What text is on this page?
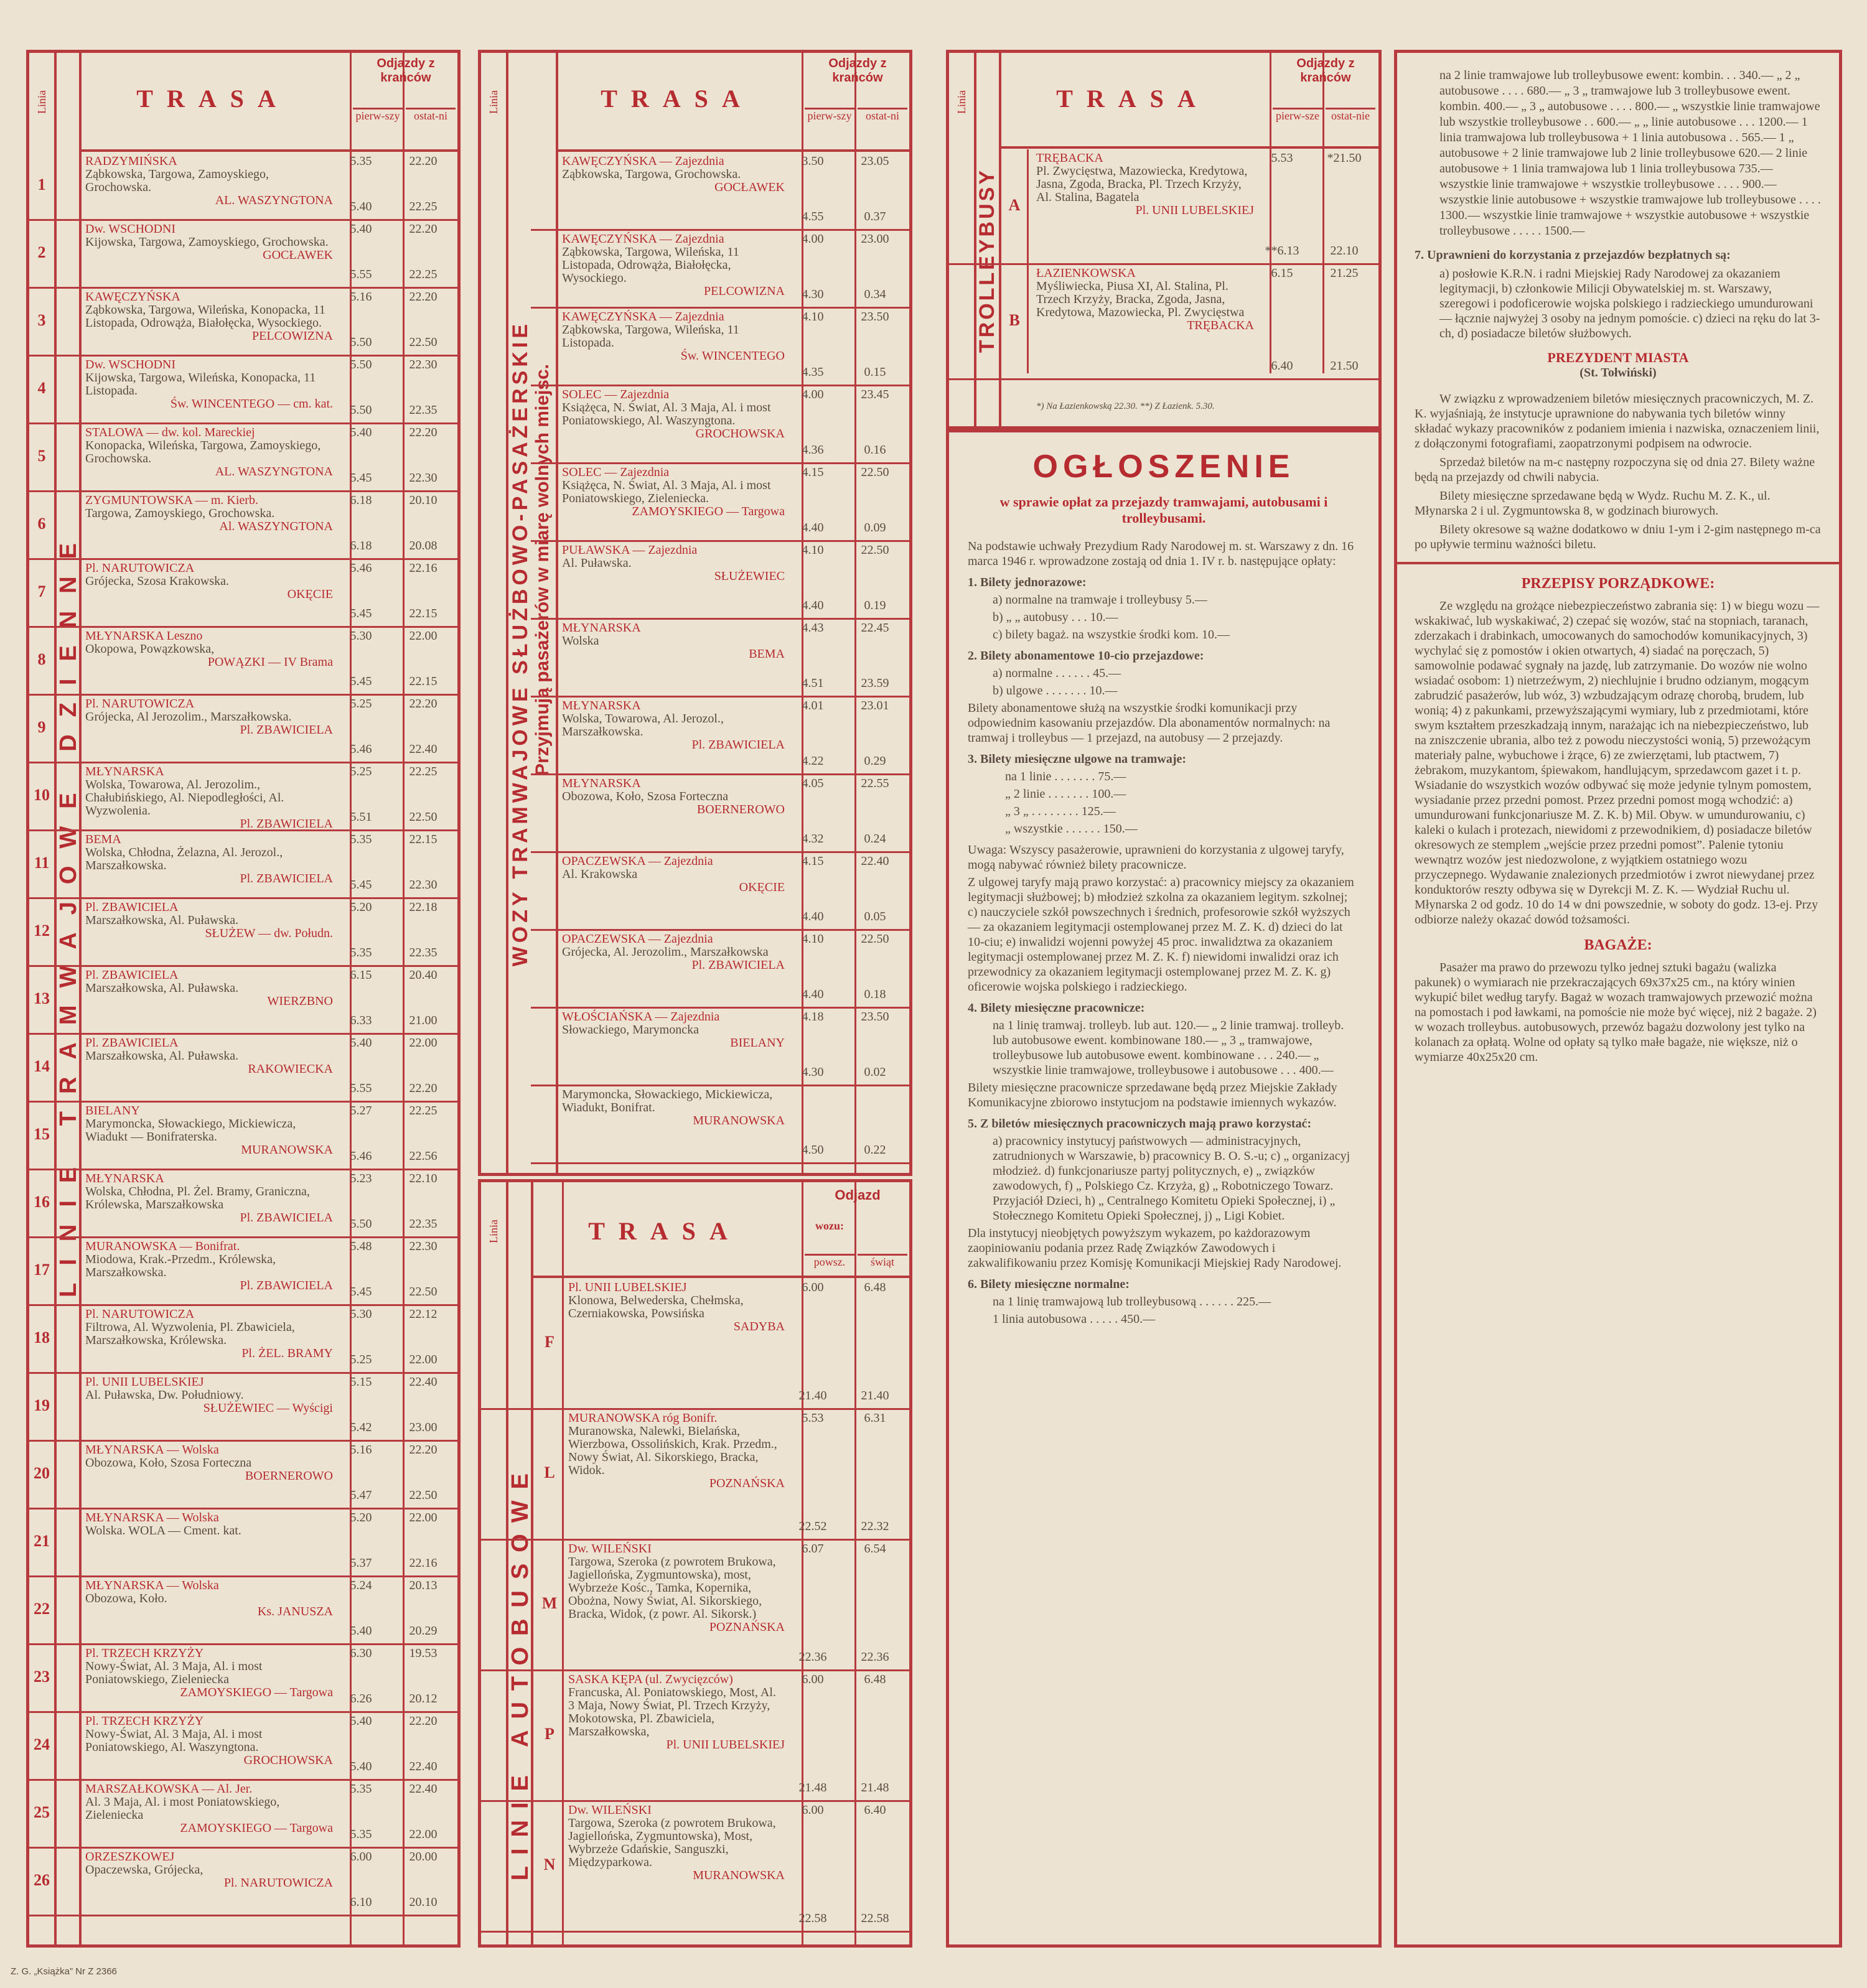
Linia
LINIE TRAMWAJOWE DZIENNE
TRASA
Odjazdy z krańców
pierw-szy	ostat-ni
1
RADZYMIŃSKA
Ząbkowska, Targowa, Zamoyskiego, Grochowska.
AL. WASZYNGTONA
5.35	22.20
5.40	22.25
2
Dw. WSCHODNI
Kijowska, Targowa, Zamoyskiego, Grochowska.
GOCŁAWEK
5.40	22.20
5.55	22.25
3
KAWĘCZYŃSKA
Ząbkowska, Targowa, Wileńska, Konopacka, 11 Listopada, Odrowąża, Białołęcka, Wysockiego.
PELCOWIZNA
5.16	22.20
5.50	22.50
4
Dw. WSCHODNI
Kijowska, Targowa, Wileńska, Konopacka, 11 Listopada.
Św. WINCENTEGO — cm. kat.
5.50	22.30
5.50	22.35
5
STALOWA — dw. kol. Mareckiej
Konopacka, Wileńska, Targowa, Zamoyskiego, Grochowska.
AL. WASZYNGTONA
5.40	22.20
5.45	22.30
6
ZYGMUNTOWSKA — m. Kierb.
Targowa, Zamoyskiego, Grochowska.
Al. WASZYNGTONA
6.18	20.10
6.18	20.08
7
Pl. NARUTOWICZA
Grójecka, Szosa Krakowska.
OKĘCIE
5.46	22.16
5.45	22.15
8
MŁYNARSKA Leszno
Okopowa, Powązkowska,
POWĄZKI — IV Brama
5.30	22.00
5.45	22.15
9
Pl. NARUTOWICZA
Grójecka, Al Jerozolim., Marszałkowska.
Pl. ZBAWICIELA
5.25	22.20
5.46	22.40
10
MŁYNARSKA
Wolska, Towarowa, Al. Jerozolim., Chałubińskiego, Al. Niepodległości, Al. Wyzwolenia.
Pl. ZBAWICIELA
5.25	22.25
5.51	22.50
11
BEMA
Wolska, Chłodna, Żelazna, Al. Jerozol., Marszałkowska.
Pl. ZBAWICIELA
5.35	22.15
5.45	22.30
12
Pl. ZBAWICIELA
Marszałkowska, Al. Puławska.
SŁUŻEW — dw. Połudn.
5.20	22.18
5.35	22.35
13
Pl. ZBAWICIELA
Marszałkowska, Al. Puławska.
WIERZBNO
6.15	20.40
6.33	21.00
14
Pl. ZBAWICIELA
Marszałkowska, Al. Puławska.
RAKOWIECKA
5.40	22.00
5.55	22.20
15
BIELANY
Marymoncka, Słowackiego, Mickiewicza, Wiadukt — Bonifraterska.
MURANOWSKA
5.27	22.25
5.46	22.56
16
MŁYNARSKA
Wolska, Chłodna, Pl. Żel. Bramy, Graniczna, Królewska, Marszałkowska
Pl. ZBAWICIELA
5.23	22.10
5.50	22.35
17
MURANOWSKA — Bonifrat.
Miodowa, Krak.-Przedm., Królewska, Marszałkowska.
Pl. ZBAWICIELA
5.48	22.30
5.45	22.50
18
Pl. NARUTOWICZA
Filtrowa, Al. Wyzwolenia, Pl. Zbawiciela, Marszałkowska, Królewska.
Pl. ŻEL. BRAMY
5.30	22.12
5.25	22.00
19
Pl. UNII LUBELSKIEJ
Al. Puławska, Dw. Południowy.
SŁUŻEWIEC — Wyścigi
5.15	22.40
5.42	23.00
20
MŁYNARSKA — Wolska
Obozowa, Koło, Szosa Forteczna
BOERNEROWO
5.16	22.20
5.47	22.50
21
MŁYNARSKA — Wolska
Wolska. WOLA — Cment. kat.
5.20	22.00
5.37	22.16
22
MŁYNARSKA — Wolska
Obozowa, Koło.
Ks. JANUSZA
5.24	20.13
5.40	20.29
23
Pl. TRZECH KRZYŻY
Nowy-Świat, Al. 3 Maja, Al. i most Poniatowskiego, Zieleniecka
ZAMOYSKIEGO — Targowa
6.30	19.53
6.26	20.12
24
Pl. TRZECH KRZYŻY
Nowy-Świat, Al. 3 Maja, Al. i most Poniatowskiego, Al. Waszyngtona.
GROCHOWSKA
5.40	22.20
5.40	22.40
25
MARSZAŁKOWSKA — Al. Jer.
Al. 3 Maja, Al. i most Poniatowskiego, Zieleniecka
ZAMOYSKIEGO — Targowa
5.35	22.40
5.35	22.00
26
ORZESZKOWEJ
Opaczewska, Grójecka,
Pl. NARUTOWICZA
6.00	20.00
6.10	20.10
Z. G. „Książka” Nr Z 2366
Linia
WOZY TRAMWAJOWE SŁUŻBOWO-PASAŻERSKIE Przyjmują pasażerów w miarę wolnych miejsc.
TRASA
Odjazdy z krańców
pierw-szy	ostat-ni
KAWĘCZYŃSKA — Zajezdnia
Ząbkowska, Targowa, Grochowska.
GOCŁAWEK
3.50	23.05
4.55	0.37
KAWĘCZYŃSKA — Zajezdnia
Ząbkowska, Targowa, Wileńska, 11 Listopada, Odrowąża, Białołęcka, Wysockiego.
PELCOWIZNA
4.00	23.00
4.30	0.34
KAWĘCZYŃSKA — Zajezdnia
Ząbkowska, Targowa, Wileńska, 11 Listopada.
Św. WINCENTEGO
4.10	23.50
4.35	0.15
SOLEC — Zajezdnia
Książęca, N. Świat, Al. 3 Maja, Al. i most Poniatowskiego, Al. Waszyngtona.
GROCHOWSKA
4.00	23.45
4.36	0.16
SOLEC — Zajezdnia
Książęca, N. Świat, Al. 3 Maja, Al. i most Poniatowskiego, Zieleniecka.
ZAMOYSKIEGO — Targowa
4.15	22.50
4.40	0.09
PUŁAWSKA — Zajezdnia
Al. Puławska.
SŁUŻEWIEC
4.10	22.50
4.40	0.19
MŁYNARSKA
Wolska
BEMA
4.43	22.45
4.51	23.59
MŁYNARSKA
Wolska, Towarowa, Al. Jerozol., Marszałkowska.
Pl. ZBAWICIELA
4.01	23.01
4.22	0.29
MŁYNARSKA
Obozowa, Koło, Szosa Forteczna
BOERNEROWO
4.05	22.55
4.32	0.24
OPACZEWSKA — Zajezdnia
Al. Krakowska
OKĘCIE
4.15	22.40
4.40	0.05
OPACZEWSKA — Zajezdnia
Grójecka, Al. Jerozolim., Marszałkowska
Pl. ZBAWICIELA
4.10	22.50
4.40	0.18
WŁOŚCIAŃSKA — Zajezdnia
Słowackiego, Marymoncka
BIELANY
4.18	23.50
4.30	0.02
Marymoncka, Słowackiego, Mickiewicza, Wiadukt, Bonifrat.
MURANOWSKA
4.50	0.22
Linia
LINIE AUTOBUSOWE
TRASA
Odjazd
wozu:
powsz.	świąt
F
Pl. UNII LUBELSKIEJ
Klonowa, Belwederska, Chełmska, Czerniakowska, Powsińska
SADYBA
6.00	6.48
21.40	21.40
L
MURANOWSKA róg Bonifr.
Muranowska, Nalewki, Bielańska, Wierzbowa, Ossolińskich, Krak. Przedm., Nowy Świat, Al. Sikorskiego, Bracka, Widok.
POZNAŃSKA
5.53	6.31
22.52	22.32
M
Dw. WILEŃSKI
Targowa, Szeroka (z powrotem Brukowa, Jagiellońska, Zygmuntowska), most, Wybrzeże Kośc., Tamka, Kopernika, Obożna, Nowy Świat, Al. Sikorskiego, Bracka, Widok, (z powr. Al. Sikorsk.)
POZNAŃSKA
6.07	6.54
22.36	22.36
P
SASKA KĘPA (ul. Zwycięzców)
Francuska, Al. Poniatowskiego, Most, Al. 3 Maja, Nowy Świat, Pl. Trzech Krzyży, Mokotowska, Pl. Zbawiciela, Marszałkowska,
Pl. UNII LUBELSKIEJ
6.00	6.48
21.48	21.48
N
Dw. WILEŃSKI
Targowa, Szeroka (z powrotem Brukowa, Jagiellońska, Zygmuntowska), Most, Wybrzeże Gdańskie, Sanguszki, Międzyparkowa.
MURANOWSKA
6.00	6.40
22.58	22.58
Linia
TROLLEYBUSY
TRASA
Odjazdy z krańców
pierw-sze	ostat-nie
A
TRĘBACKA
Pl. Zwycięstwa, Mazowiecka, Kredytowa, Jasna, Zgoda, Bracka, Pl. Trzech Krzyży, Al. Stalina, Bagatela
Pl. UNII LUBELSKIEJ
5.53	*21.50
**6.13	22.10
B
ŁAZIENKOWSKA
Myśliwiecka, Piusa XI, Al. Stalina, Pl. Trzech Krzyży, Bracka, Zgoda, Jasna, Kredytowa, Mazowiecka, Pl. Zwycięstwa
TRĘBACKA
6.15	21.25
6.40	21.50
*) Na Łazienkowską 22.30. **) Z Łazienk. 5.30.
OGŁOSZENIE
w sprawie opłat za przejazdy tramwajami, autobusami i trolleybusami.

Na podstawie uchwały Prezydium Rady Narodowej m. st. Warszawy z dn. 16 marca 1946 r. wprowadzone zostają od dnia 1. IV r. b. następujące opłaty:

1. Bilety jednorazowe:

a) normalne na tramwaje i trolleybusy 5.—

b) „ „ autobusy . . . 10.—

c) bilety bagaż. na wszystkie środki kom. 10.—

2. Bilety abonamentowe 10-cio przejazdowe:

a) normalne . . . . . . 45.—

b) ulgowe . . . . . . . 10.—

Bilety abonamentowe służą na wszystkie środki komunikacji przy odpowiednim kasowaniu przejazdów. Dla abonamentów normalnych: na tramwaj i trolleybus — 1 przejazd, na autobusy — 2 przejazdy.

3. Bilety miesięczne ulgowe na tramwaje:

na 1 linie . . . . . . . 75.—

„ 2 linie . . . . . . . 100.—

„ 3 „ . . . . . . . . 125.—

„ wszystkie . . . . . . 150.—

Uwaga: Wszyscy pasażerowie, uprawnieni do korzystania z ulgowej taryfy, mogą nabywać również bilety pracownicze.

Z ulgowej taryfy mają prawo korzystać: a) pracownicy miejscy za okazaniem legitymacji służbowej; b) młodzież szkolna za okazaniem legitym. szkolnej; c) nauczyciele szkół powszechnych i średnich, profesorowie szkół wyższych — za okazaniem legitymacji ostemplowanej przez M. Z. K. d) dzieci do lat 10-ciu; e) inwalidzi wojenni powyżej 45 proc. inwalidztwa za okazaniem legitymacji ostemplowanej przez M. Z. K. f) niewidomi inwalidzi oraz ich przewodnicy za okazaniem legitymacji ostemplowanej przez M. Z. K. g) oficerowie wojska polskiego i radzieckiego.

4. Bilety miesięczne pracownicze:

na 1 linię tramwaj. trolleyb. lub aut. 120.— „ 2 linie tramwaj. trolleyb. lub autobusowe ewent. kombinowane 180.— „ 3 „ tramwajowe, trolleybusowe lub autobusowe ewent. kombinowane . . . 240.— „ wszystkie linie tramwajowe, trolleybusowe i autobusowe . . . 400.—

Bilety miesięczne pracownicze sprzedawane będą przez Miejskie Zakłady Komunikacyjne zbiorowo instytucjom na podstawie imiennych wykazów.

5. Z biletów miesięcznych pracowniczych mają prawo korzystać:

a) pracownicy instytucyj państwowych — administracyjnych, zatrudnionych w Warszawie, b) pracownicy B. O. S.-u; c) „ organizacyj młodzież. d) funkcjonariusze partyj politycznych, e) „ związków zawodowych, f) „ Polskiego Cz. Krzyża, g) „ Robotniczego Towarz. Przyjaciół Dzieci, h) „ Centralnego Komitetu Opieki Społecznej, i) „ Stołecznego Komitetu Opieki Społecznej, j) „ Ligi Kobiet.

Dla instytucyj nieobjętych powyższym wykazem, po każdorazowym zaopiniowaniu podania przez Radę Związków Zawodowych i zakwalifikowaniu przez Komisję Komunikacji Miejskiej Rady Narodowej.

6. Bilety miesięczne normalne:

na 1 linię tramwajową lub trolleybusową . . . . . . 225.—

1 linia autobusowa . . . . . 450.—

na 2 linie tramwajowe lub trolleybusowe ewent: kombin. . . 340.— „ 2 „ autobusowe . . . . 680.— „ 3 „ tramwajowe lub 3 trolleybusowe ewent. kombin. 400.— „ 3 „ autobusowe . . . . 800.— „ wszystkie linie tramwajowe lub wszystkie trolleybusowe . . 600.— „ „ linie autobusowe . . . 1200.— 1 linia tramwajowa lub trolleybusowa + 1 linia autobusowa . . 565.— 1 „ autobusowe + 2 linie tramwajowe lub 2 linie trolleybusowe 620.— 2 linie autobusowe + 1 linia tramwajowa lub 1 linia trolleybusowa 735.— wszystkie linie tramwajowe + wszystkie trolleybusowe . . . . 900.— wszystkie linie autobusowe + wszystkie tramwajowe lub trolleybusowe . . . . 1300.— wszystkie linie tramwajowe + wszystkie autobusowe + wszystkie trolleybusowe . . . . . 1500.—

7. Uprawnieni do korzystania z przejazdów bezpłatnych są:

a) posłowie K.R.N. i radni Miejskiej Rady Narodowej za okazaniem legitymacji, b) członkowie Milicji Obywatelskiej m. st. Warszawy, szeregowi i podoficerowie wojska polskiego i radzieckiego umundurowani — łącznie najwyżej 3 osoby na jednym pomoście. c) dzieci na ręku do lat 3-ch, d) posiadacze biletów służbowych.

PREZYDENT MIASTA
(St. Tołwiński)

W związku z wprowadzeniem biletów miesięcznych pracowniczych, M. Z. K. wyjaśniają, że instytucje uprawnione do nabywania tych biletów winny składać wykazy pracowników z podaniem imienia i nazwiska, oznaczeniem linii, z dołączonymi fotografiami, zaopatrzonymi podpisem na odwrocie.

Sprzedaż biletów na m-c następny rozpoczyna się od dnia 27. Bilety ważne będą na przejazdy od chwili nabycia.

Bilety miesięczne sprzedawane będą w Wydz. Ruchu M. Z. K., ul. Młynarska 2 i ul. Zygmuntowska 8, w godzinach biurowych.

Bilety okresowe są ważne dodatkowo w dniu 1-ym i 2-gim następnego m-ca po upływie terminu ważności biletu.

PRZEPISY PORZĄDKOWE:

Ze względu na grożące niebezpieczeństwo zabrania się: 1) w biegu wozu — wskakiwać, lub wyskakiwać, 2) czepać się wozów, stać na stopniach, taranach, zderzakach i drabinkach, umocowanych do samochodów komunikacyjnych, 3) wychylać się z pomostów i okien otwartych, 4) siadać na poręczach, 5) samowolnie podawać sygnały na jazdę, lub zatrzymanie. Do wozów nie wolno wsiadać osobom: 1) nietrzeźwym, 2) niechlujnie i brudno odzianym, mogącym zabrudzić pasażerów, lub wóz, 3) wzbudzającym odrazę chorobą, brudem, lub wonią; 4) z pakunkami, przewyższającymi wymiary, lub z przedmiotami, które swym kształtem przeszkadzają innym, narażając ich na niebezpieczeństwo, lub na zniszczenie ubrania, albo też z powodu nieczystości wonią, 5) przewożącym materiały palne, wybuchowe i żrące, 6) ze zwierzętami, lub ptactwem, 7) żebrakom, muzykantom, śpiewakom, handlującym, sprzedawcom gazet i t. p. Wsiadanie do wszystkich wozów odbywać się może jedynie tylnym pomostem, wysiadanie przez przedni pomost. Przez przedni pomost mogą wchodzić: a) umundurowani funkcjonariusze M. Z. K. b) Mil. Obyw. w umundurowaniu, c) kaleki o kulach i protezach, niewidomi z przewodnikiem, d) posiadacze biletów okresowych ze stemplem „wejście przez przedni pomost”. Palenie tytoniu wewnątrz wozów jest niedozwolone, z wyjątkiem ostatniego wozu przyczepnego. Wydawanie znalezionych przedmiotów i zwrot niewydanej przez konduktorów reszty odbywa się w Dyrekcji M. Z. K. — Wydział Ruchu ul. Młynarska 2 od godz. 10 do 14 w dni powszednie, w soboty do godz. 13-ej. Przy odbiorze należy okazać dowód tożsamości.

BAGAŻE:

Pasażer ma prawo do przewozu tylko jednej sztuki bagażu (walizka pakunek) o wymiarach nie przekraczających 69x37x25 cm., na który winien wykupić bilet według taryfy. Bagaż w wozach tramwajowych przewozić można na pomostach i pod ławkami, na pomoście nie może być więcej, niż 2 bagaże. 2) w wozach trolleybus. autobusowych, przewóz bagażu dozwolony jest tylko na kolanach za opłatą. Wolne od opłaty są tylko małe bagaże, nie większe, niż o wymiarze 40x25x20 cm.
